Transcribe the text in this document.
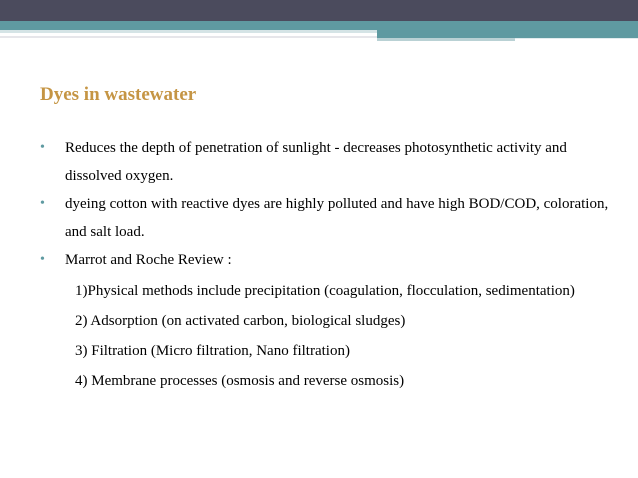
Dyes in wastewater
• Reduces the depth of penetration of sunlight - decreases photosynthetic activity and dissolved oxygen.
• dyeing cotton with reactive dyes are highly polluted and have high BOD/COD, coloration, and salt load.
• Marrot and Roche Review :
1)Physical methods include precipitation (coagulation, flocculation, sedimentation)
2) Adsorption (on activated carbon, biological sludges)
3) Filtration (Micro filtration, Nano filtration)
4) Membrane processes (osmosis and reverse osmosis)
